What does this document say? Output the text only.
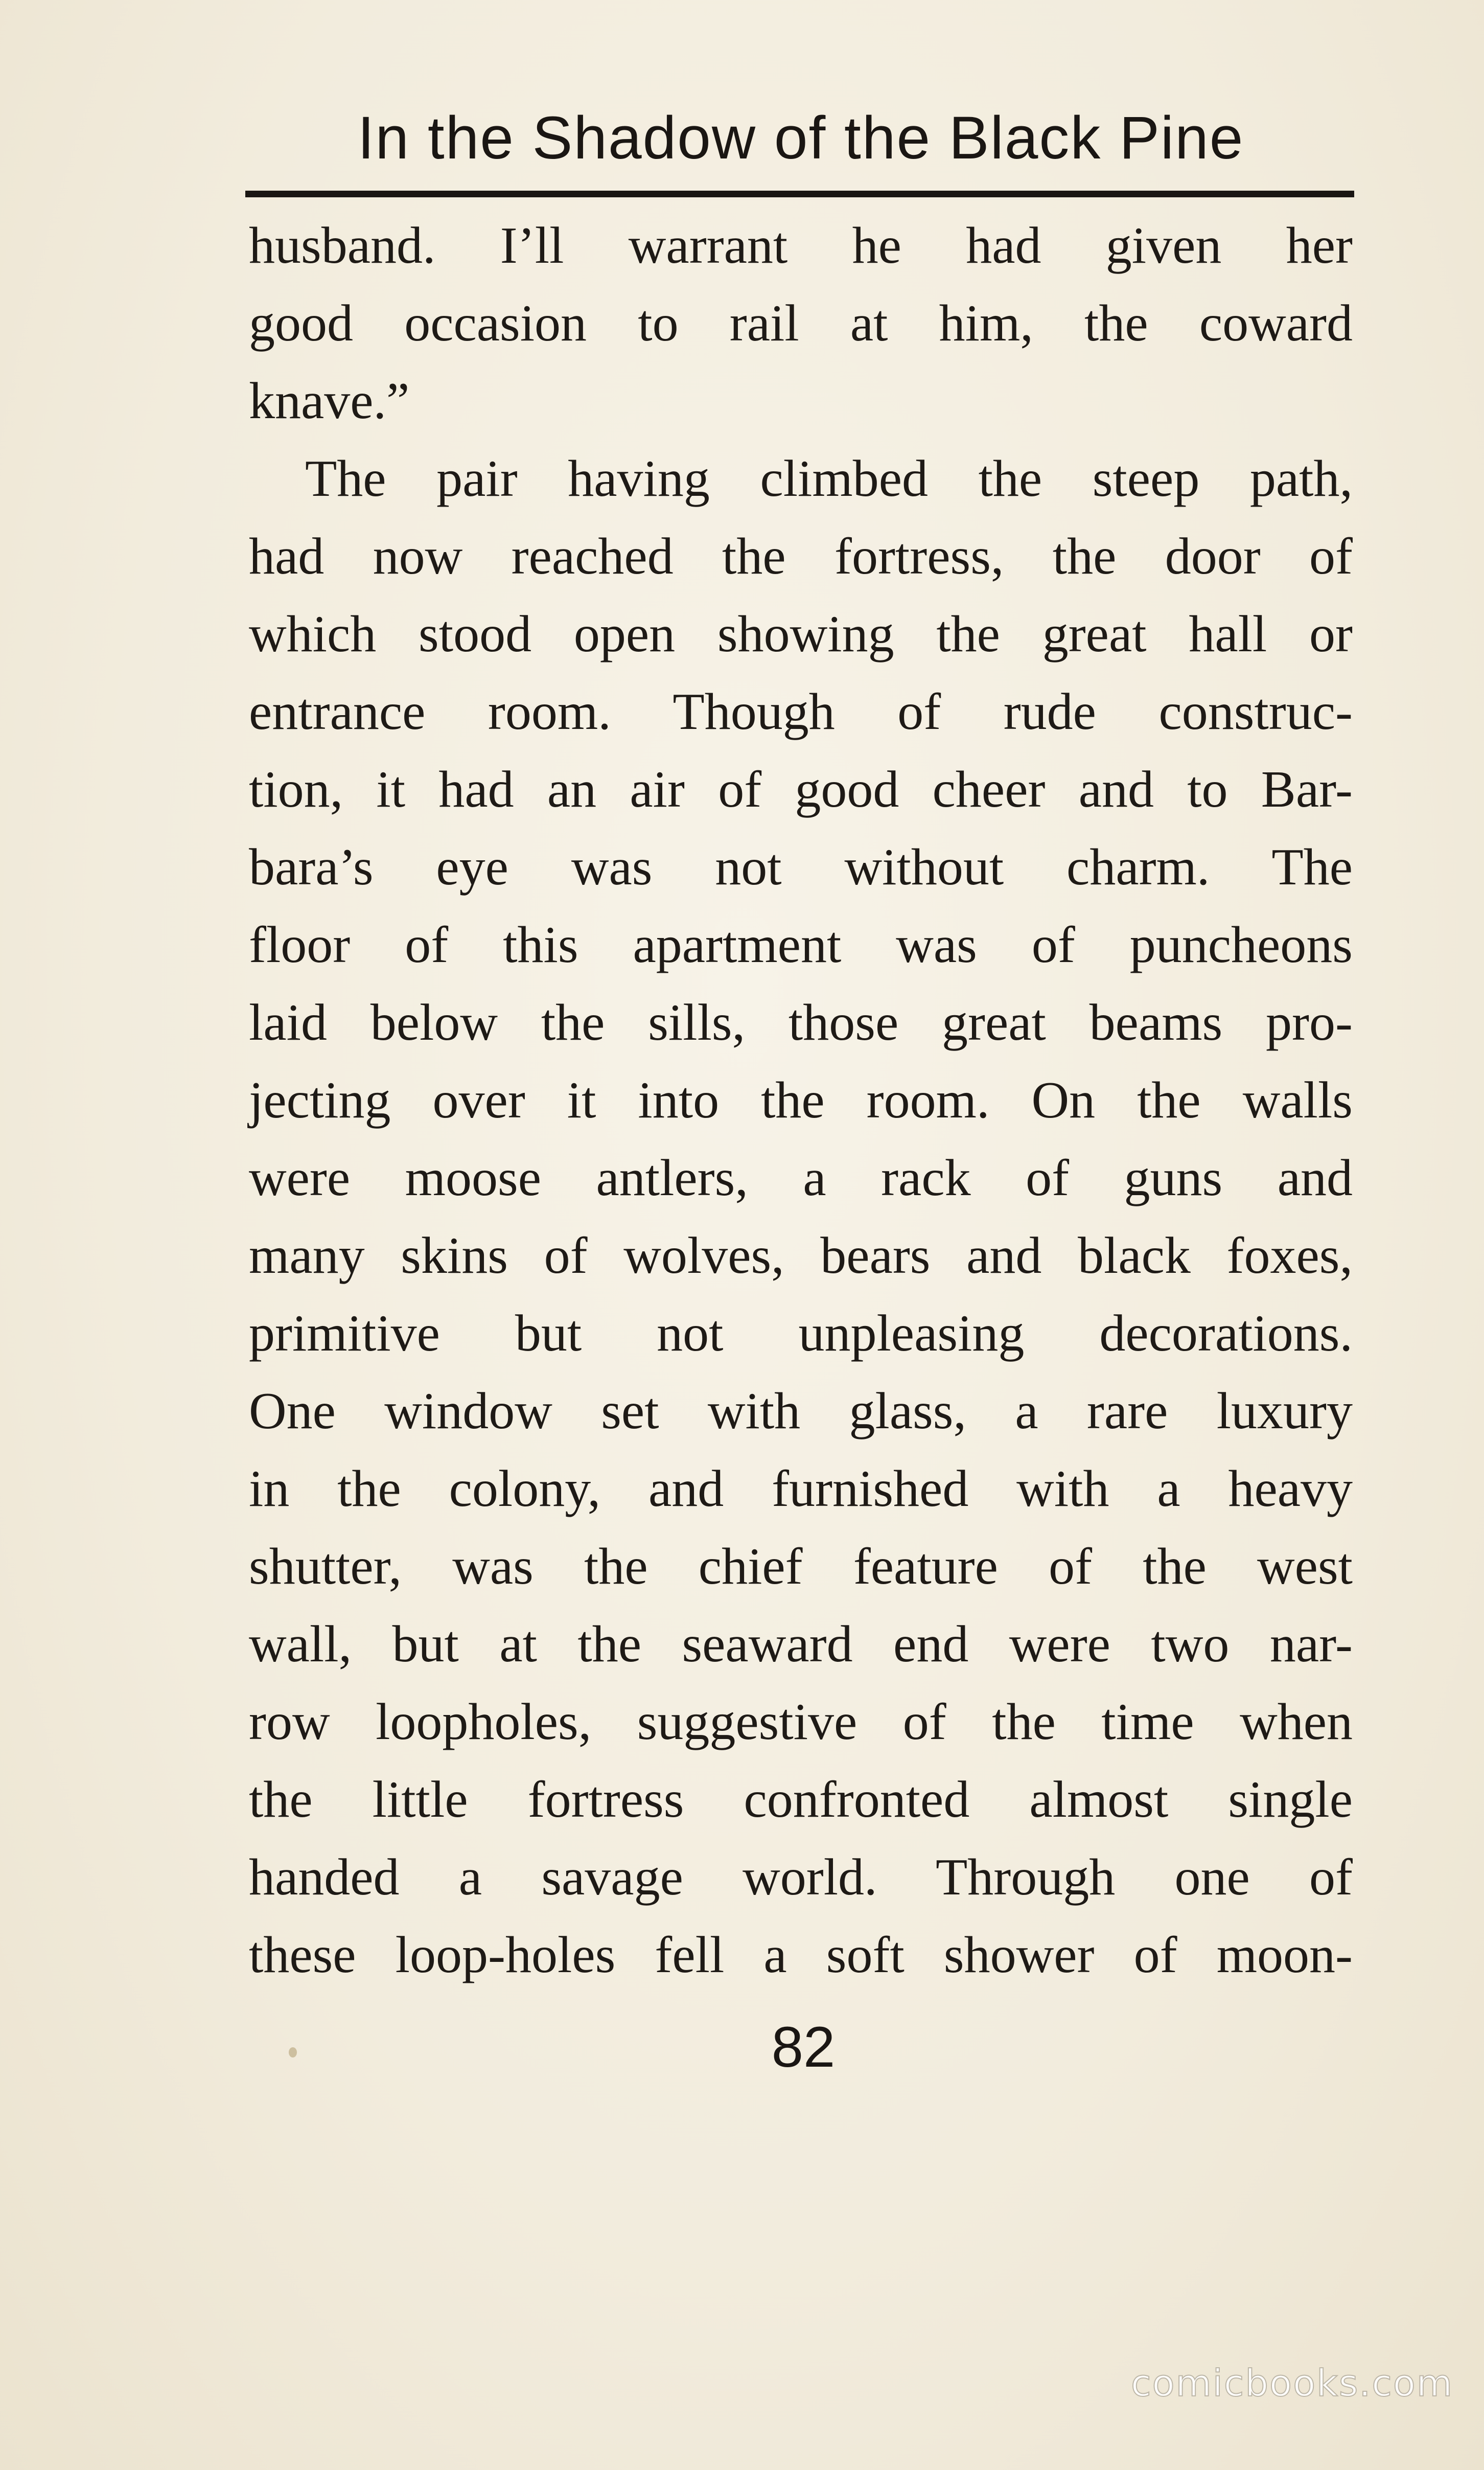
In the Shadow of the Black Pine
husband. I’ll warrant he had given her
good occasion to rail at him, the coward
knave.”
The pair having climbed the steep path,
had now reached the fortress, the door of
which stood open showing the great hall or
entrance room. Though of rude construc-
tion, it had an air of good cheer and to Bar-
bara’s eye was not without charm. The
floor of this apartment was of puncheons
laid below the sills, those great beams pro-
jecting over it into the room. On the walls
were moose antlers, a rack of guns and
many skins of wolves, bears and black foxes,
primitive but not unpleasing decorations.
One window set with glass, a rare luxury
in the colony, and furnished with a heavy
shutter, was the chief feature of the west
wall, but at the seaward end were two nar-
row loopholes, suggestive of the time when
the little fortress confronted almost single
handed a savage world. Through one of
these loop-holes fell a soft shower of moon-
82
comicbooks.com
